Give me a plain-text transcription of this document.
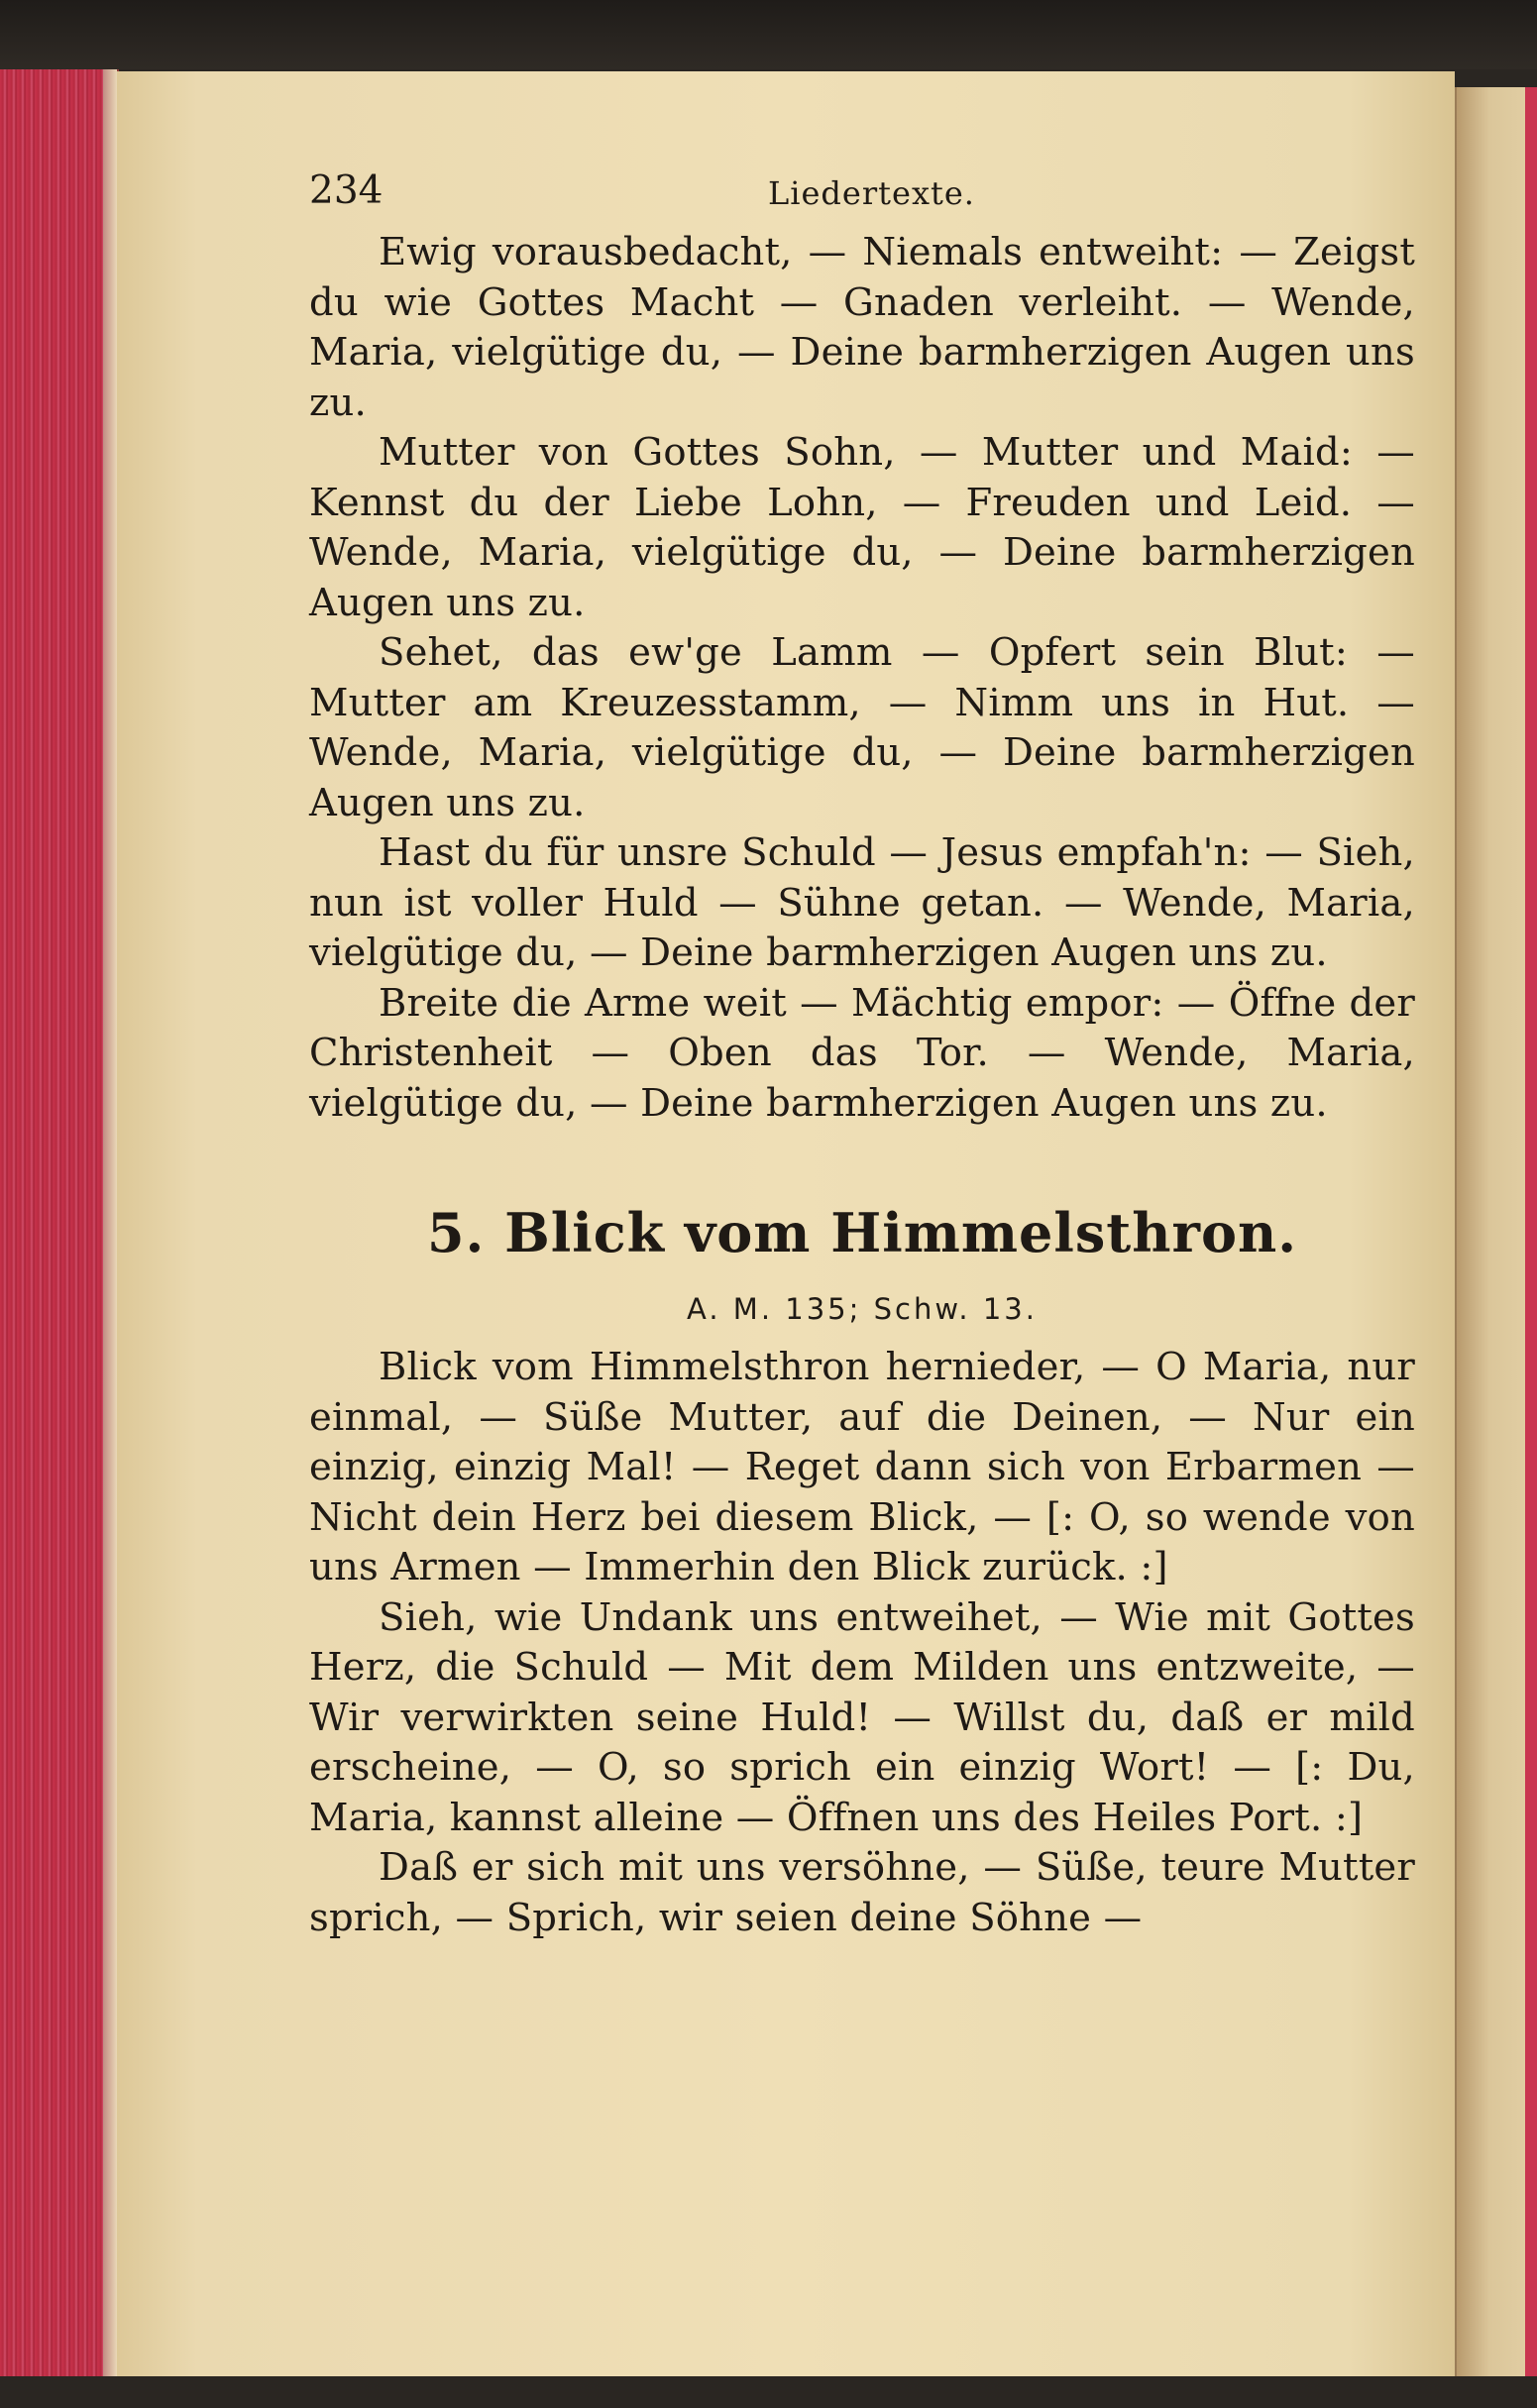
234	Liedertexte.

Ewig vorausbedacht, — Niemals entweiht: — Zeigst du wie Gottes Macht — Gnaden verleiht. — Wende, Maria, vielgütige du, — Deine barmherzigen Augen uns zu.

Mutter von Gottes Sohn, — Mutter und Maid: — Kennst du der Liebe Lohn, — Freuden und Leid. — Wende, Maria, vielgütige du, — Deine barmherzigen Augen uns zu.

Sehet, das ew'ge Lamm — Opfert sein Blut: — Mutter am Kreuzesstamm, — Nimm uns in Hut. — Wende, Maria, vielgütige du, — Deine barmherzigen Augen uns zu.

Hast du für unsre Schuld — Jesus empfah'n: — Sieh, nun ist voller Huld — Sühne getan. — Wende, Maria, vielgütige du, — Deine barmherzigen Augen uns zu.

Breite die Arme weit — Mächtig empor: — Öffne der Christenheit — Oben das Tor. — Wende, Maria, vielgütige du, — Deine barmherzigen Augen uns zu.

5. Blick vom Himmelsthron.
A. M. 135; Schw. 13.

Blick vom Himmelsthron hernieder, — O Maria, nur einmal, — Süße Mutter, auf die Deinen, — Nur ein einzig, einzig Mal! — Reget dann sich von Erbarmen — Nicht dein Herz bei diesem Blick, — [: O, so wende von uns Armen — Immerhin den Blick zurück. :]

Sieh, wie Undank uns entweihet, — Wie mit Gottes Herz, die Schuld — Mit dem Milden uns entzweite, — Wir verwirkten seine Huld! — Willst du, daß er mild erscheine, — O, so sprich ein einzig Wort! — [: Du, Maria, kannst alleine — Öffnen uns des Heiles Port. :]

Daß er sich mit uns versöhne, — Süße, teure Mutter sprich, — Sprich, wir seien deine Söhne —
